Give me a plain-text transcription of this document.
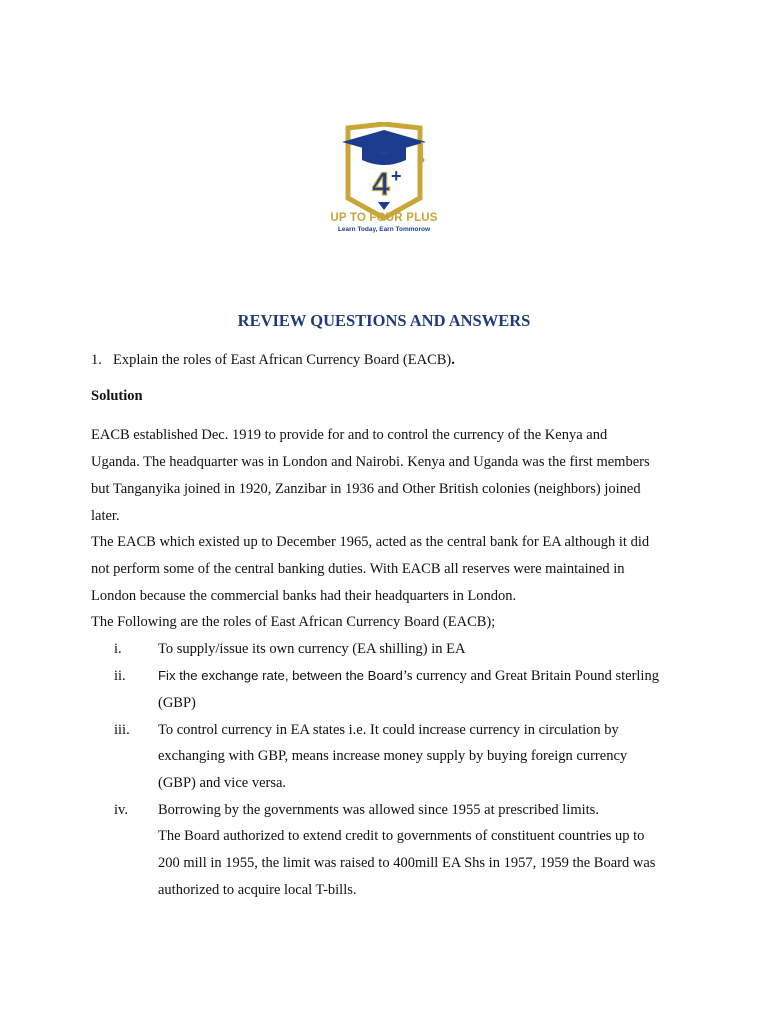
4 +
UP TO FOUR PLUS
Learn Today, Earn Tommorow
REVIEW QUESTIONS AND ANSWERS
1. Explain the roles of East African Currency Board (EACB).
Solution
EACB established Dec. 1919 to provide for and to control the currency of the Kenya and
Uganda. The headquarter was in London and Nairobi. Kenya and Uganda was the first members
but Tanganyika joined in 1920, Zanzibar in 1936 and Other British colonies (neighbors) joined
later.
The EACB which existed up to December 1965, acted as the central bank for EA although it did
not perform some of the central banking duties. With EACB all reserves were maintained in
London because the commercial banks had their headquarters in London.
The Following are the roles of East African Currency Board (EACB);
i.	To supply/issue its own currency (EA shilling) in EA
ii. Fix the exchange rate, between the Board’s currency and Great Britain Pound sterling
(GBP)
iii. To control currency in EA states i.e. It could increase currency in circulation by
exchanging with GBP, means increase money supply by buying foreign currency
(GBP) and vice versa.
iv. Borrowing by the governments was allowed since 1955 at prescribed limits.
The Board authorized to extend credit to governments of constituent countries up to
200 mill in 1955, the limit was raised to 400mill EA Shs in 1957, 1959 the Board was
authorized to acquire local T-bills.
